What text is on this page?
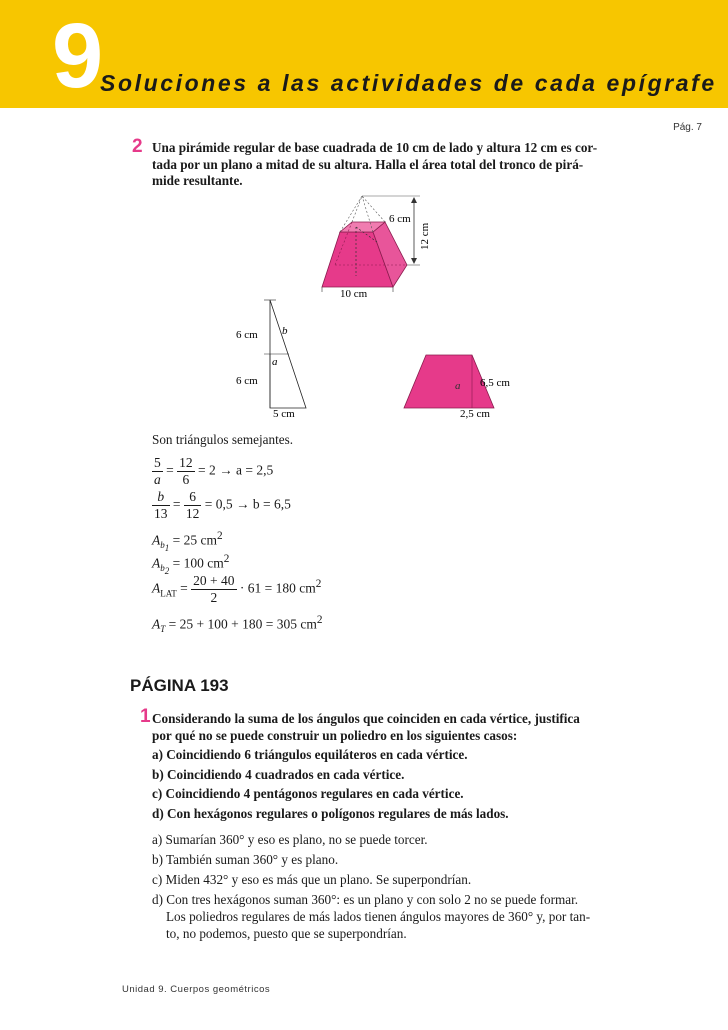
9
Soluciones a las actividades de cada epígrafe
Pág. 7
2 Una pirámide regular de base cuadrada de 10 cm de lado y altura 12 cm es cor-
tada por un plano a mitad de su altura. Halla el área total del tronco de pirá-
mide resultante.
6 cm
12 cm
10 cm
6 cm b
a
6 cm
5 cm
a 6,5 cm
2,5 cm
Son triángulos semejantes.
$\frac{5}{a} = \frac{12}{6} = 2 \to a = 2,5$
$\frac{b}{13} = \frac{6}{12} = 0,5 \to b = 6,5$
$A_{b_1} = 25$ $cm^2$
$A_{b_2} = 100$ $cm^2$
$A_{LAT} = \frac{20 + 40}{2} \cdot 61 = 180$ $cm^2$
$A_T = 25 + 100 + 180 = 305$ $cm^2$
PÁGINA 193
1 Considerando la suma de los ángulos que coinciden en cada vértice, justifica
por qué no se puede construir un poliedro en los siguientes casos:
a) Coincidiendo 6 triángulos equiláteros en cada vértice.
b) Coincidiendo 4 cuadrados en cada vértice.
c) Coincidiendo 4 pentágonos regulares en cada vértice.
d) Con hexágonos regulares o polígonos regulares de más lados.
a) Sumarían 360° y eso es plano, no se puede torcer.
b) También suman 360° y es plano.
c) Miden 432° y eso es más que un plano. Se superpondrían.
d) Con tres hexágonos suman 360°: es un plano y con solo 2 no se puede formar.
Los poliedros regulares de más lados tienen ángulos mayores de 360° y, por tan-
to, no podemos, puesto que se superpondrían.
Unidad 9. Cuerpos geométricos
